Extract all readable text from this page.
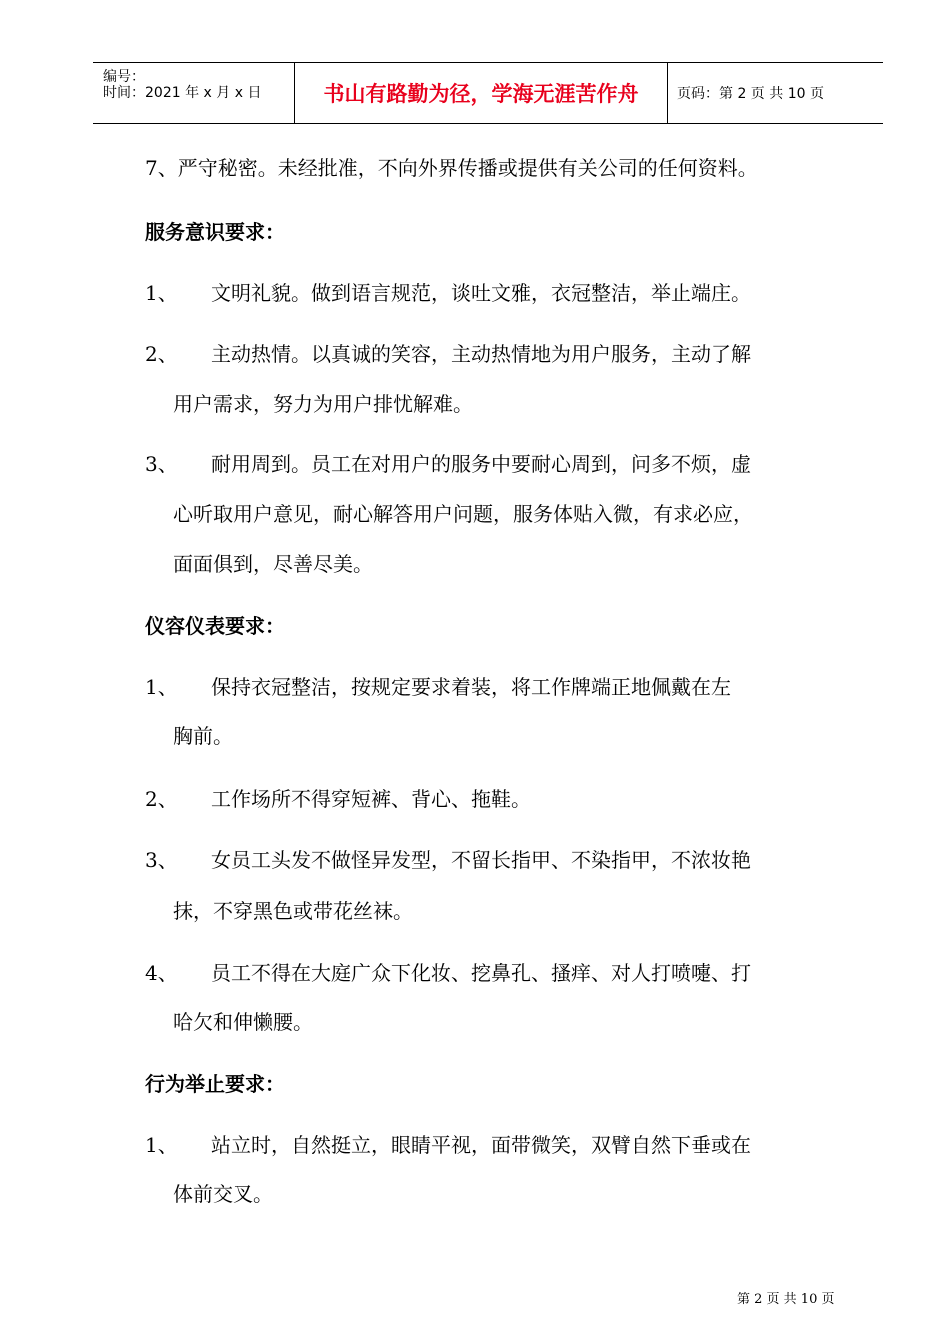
编号：
时间：2021 年 x 月 x 日	书山有路勤为径，学海无涯苦作舟	页码：第 2 页 共 10 页
7、严守秘密。未经批准，不向外界传播或提供有关公司的任何资料。
服务意识要求：
1、 文明礼貌。做到语言规范，谈吐文雅，衣冠整洁，举止端庄。
2、 主动热情。以真诚的笑容，主动热情地为用户服务，主动了解
用户需求，努力为用户排忧解难。
3、 耐用周到。员工在对用户的服务中要耐心周到，问多不烦，虚
心听取用户意见，耐心解答用户问题，服务体贴入微，有求必应，
面面俱到，尽善尽美。
仪容仪表要求：
1、 保持衣冠整洁，按规定要求着装，将工作牌端正地佩戴在左
胸前。
2、 工作场所不得穿短裤、背心、拖鞋。
3、 女员工头发不做怪异发型，不留长指甲、不染指甲，不浓妆艳
抹，不穿黑色或带花丝袜。
4、 员工不得在大庭广众下化妆、挖鼻孔、搔痒、对人打喷嚏、打
哈欠和伸懒腰。
行为举止要求：
1、 站立时，自然挺立，眼睛平视，面带微笑，双臂自然下垂或在
体前交叉。
第 2 页 共 10 页
